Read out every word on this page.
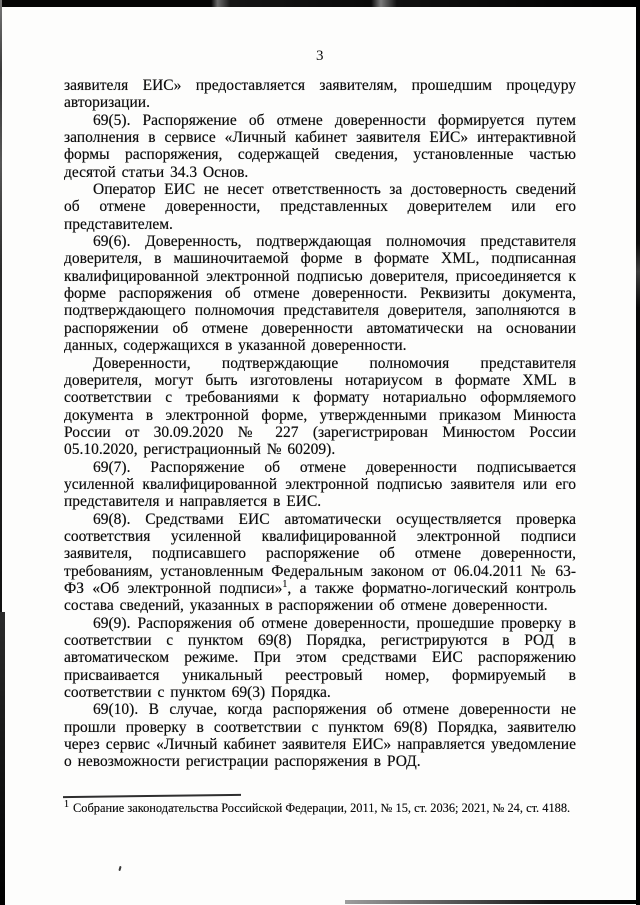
3

заявителя ЕИС» предоставляется заявителям, прошедшим процедуру авторизации.

69(5). Распоряжение об отмене доверенности формируется путем заполнения в сервисе «Личный кабинет заявителя ЕИС» интерактивной формы распоряжения, содержащей сведения, установленные частью десятой статьи 34.3 Основ.

Оператор ЕИС не несет ответственность за достоверность сведений об отмене доверенности, представленных доверителем или его представителем.

69(6). Доверенность, подтверждающая полномочия представителя доверителя, в машиночитаемой форме в формате XML, подписанная квалифицированной электронной подписью доверителя, присоединяется к форме распоряжения об отмене доверенности. Реквизиты документа, подтверждающего полномочия представителя доверителя, заполняются в распоряжении об отмене доверенности автоматически на основании данных, содержащихся в указанной доверенности.

Доверенности, подтверждающие полномочия представителя доверителя, могут быть изготовлены нотариусом в формате XML в соответствии с требованиями к формату нотариально оформляемого документа в электронной форме, утвержденными приказом Минюста России от 30.09.2020 № 227 (зарегистрирован Минюстом России 05.10.2020, регистрационный № 60209).

69(7). Распоряжение об отмене доверенности подписывается усиленной квалифицированной электронной подписью заявителя или его представителя и направляется в ЕИС.

69(8). Средствами ЕИС автоматически осуществляется проверка соответствия усиленной квалифицированной электронной подписи заявителя, подписавшего распоряжение об отмене доверенности, требованиям, установленным Федеральным законом от 06.04.2011 № 63-ФЗ «Об электронной подписи»$^1$, а также форматно-логический контроль состава сведений, указанных в распоряжении об отмене доверенности.

69(9). Распоряжения об отмене доверенности, прошедшие проверку в соответствии с пунктом 69(8) Порядка, регистрируются в РОД в автоматическом режиме. При этом средствами ЕИС распоряжению присваивается уникальный реестровый номер, формируемый в соответствии с пунктом 69(3) Порядка.

69(10). В случае, когда распоряжения об отмене доверенности не прошли проверку в соответствии с пунктом 69(8) Порядка, заявителю через сервис «Личный кабинет заявителя ЕИС» направляется уведомление о невозможности регистрации распоряжения в РОД.

$^1$ Собрание законодательства Российской Федерации, 2011, № 15, ст. 2036; 2021, № 24, ст. 4188.
